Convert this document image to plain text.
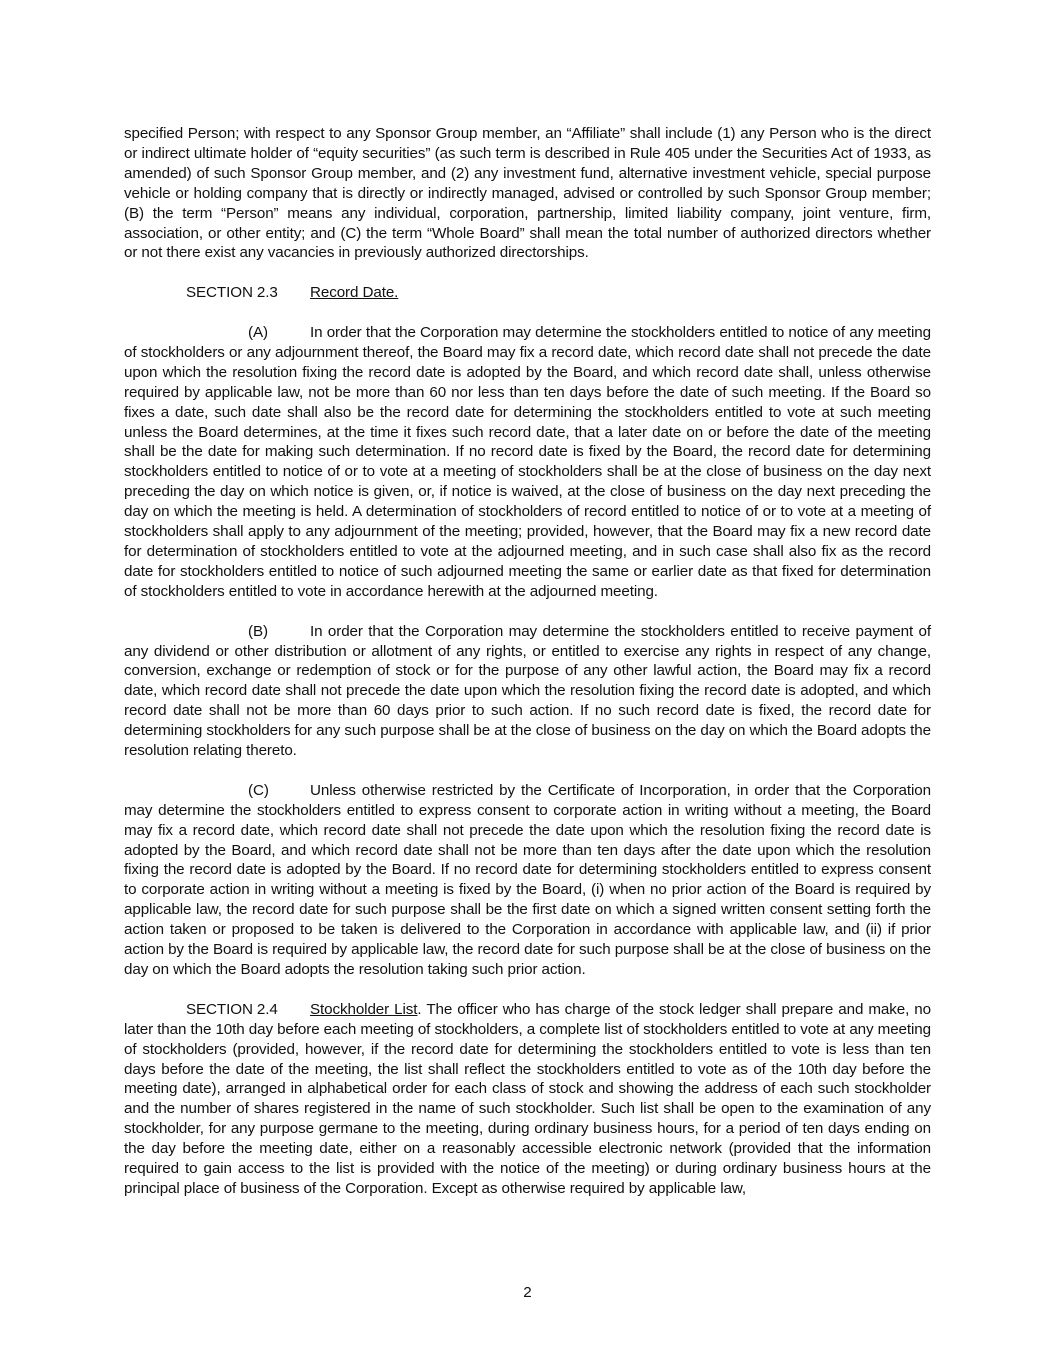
specified Person; with respect to any Sponsor Group member, an “Affiliate” shall include (1) any Person who is the direct or indirect ultimate holder of “equity securities” (as such term is described in Rule 405 under the Securities Act of 1933, as amended) of such Sponsor Group member, and (2) any investment fund, alternative investment vehicle, special purpose vehicle or holding company that is directly or indirectly managed, advised or controlled by such Sponsor Group member; (B) the term “Person” means any individual, corporation, partnership, limited liability company, joint venture, firm, association, or other entity; and (C) the term “Whole Board” shall mean the total number of authorized directors whether or not there exist any vacancies in previously authorized directorships.

SECTION 2.3 Record Date.

(A)	In order that the Corporation may determine the stockholders entitled to notice of any meeting of stockholders or any adjournment thereof, the Board may fix a record date, which record date shall not precede the date upon which the resolution fixing the record date is adopted by the Board, and which record date shall, unless otherwise required by applicable law, not be more than 60 nor less than ten days before the date of such meeting. If the Board so fixes a date, such date shall also be the record date for determining the stockholders entitled to vote at such meeting unless the Board determines, at the time it fixes such record date, that a later date on or before the date of the meeting shall be the date for making such determination. If no record date is fixed by the Board, the record date for determining stockholders entitled to notice of or to vote at a meeting of stockholders shall be at the close of business on the day next preceding the day on which notice is given, or, if notice is waived, at the close of business on the day next preceding the day on which the meeting is held. A determination of stockholders of record entitled to notice of or to vote at a meeting of stockholders shall apply to any adjournment of the meeting; provided, however, that the Board may fix a new record date for determination of stockholders entitled to vote at the adjourned meeting, and in such case shall also fix as the record date for stockholders entitled to notice of such adjourned meeting the same or earlier date as that fixed for determination of stockholders entitled to vote in accordance herewith at the adjourned meeting.

(B)	In order that the Corporation may determine the stockholders entitled to receive payment of any dividend or other distribution or allotment of any rights, or entitled to exercise any rights in respect of any change, conversion, exchange or redemption of stock or for the purpose of any other lawful action, the Board may fix a record date, which record date shall not precede the date upon which the resolution fixing the record date is adopted, and which record date shall not be more than 60 days prior to such action. If no such record date is fixed, the record date for determining stockholders for any such purpose shall be at the close of business on the day on which the Board adopts the resolution relating thereto.

(C)	Unless otherwise restricted by the Certificate of Incorporation, in order that the Corporation may determine the stockholders entitled to express consent to corporate action in writing without a meeting, the Board may fix a record date, which record date shall not precede the date upon which the resolution fixing the record date is adopted by the Board, and which record date shall not be more than ten days after the date upon which the resolution fixing the record date is adopted by the Board. If no record date for determining stockholders entitled to express consent to corporate action in writing without a meeting is fixed by the Board, (i) when no prior action of the Board is required by applicable law, the record date for such purpose shall be the first date on which a signed written consent setting forth the action taken or proposed to be taken is delivered to the Corporation in accordance with applicable law, and (ii) if prior action by the Board is required by applicable law, the record date for such purpose shall be at the close of business on the day on which the Board adopts the resolution taking such prior action.

SECTION 2.4 Stockholder List. The officer who has charge of the stock ledger shall prepare and make, no later than the 10th day before each meeting of stockholders, a complete list of stockholders entitled to vote at any meeting of stockholders (provided, however, if the record date for determining the stockholders entitled to vote is less than ten days before the date of the meeting, the list shall reflect the stockholders entitled to vote as of the 10th day before the meeting date), arranged in alphabetical order for each class of stock and showing the address of each such stockholder and the number of shares registered in the name of such stockholder. Such list shall be open to the examination of any stockholder, for any purpose germane to the meeting, during ordinary business hours, for a period of ten days ending on the day before the meeting date, either on a reasonably accessible electronic network (provided that the information required to gain access to the list is provided with the notice of the meeting) or during ordinary business hours at the principal place of business of the Corporation. Except as otherwise required by applicable law,

2
